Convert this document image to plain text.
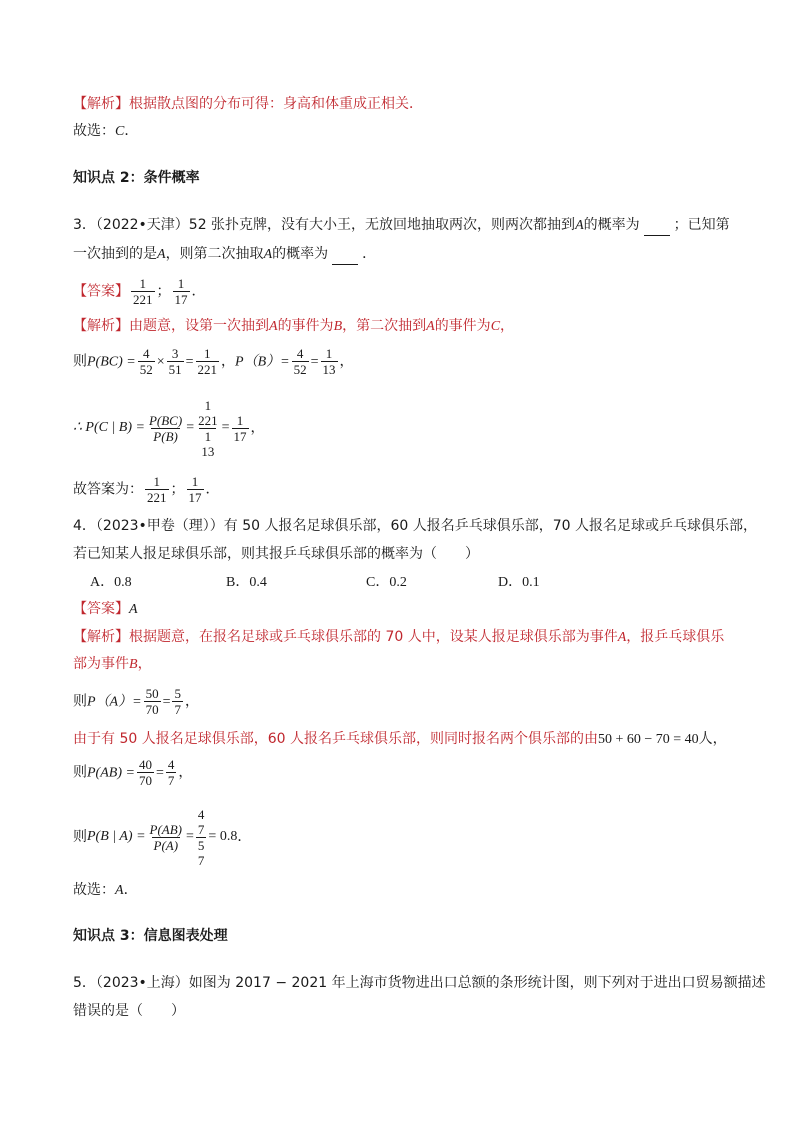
【解析】根据散点图的分布可得：身高和体重成正相关．
故选：C．
知识点 2：条件概率
3．（2022•天津）52 张扑克牌，没有大小王，无放回地抽取两次，则两次都抽到A的概率为 ；已知第
一次抽到的是A，则第二次抽取A的概率为 ．
【答案】 $\frac{1}{221}$ ； $\frac{1}{17}$ ．
【解析】由题意，设第一次抽到A的事件为B，第二次抽到A的事件为C，
则$P(BC) = \frac{4}{52} \times \frac{3}{51} = \frac{1}{221}$ ，$P(B)= \frac{4}{52} = \frac{1}{13}$ ，
∴ P(C | $B) = \frac{P(BC)}{P(B)} = 1$
221
1
$13 = \frac{1}{17}$ ，
故答案为： $\frac{1}{221}$ ； $\frac{1}{17}$ ．
4．（2023•甲卷（理））有 50 人报名足球俱乐部，60 人报名乒乓球俱乐部，70 人报名足球或乒乓球俱乐部，
若已知某人报足球俱乐部，则其报乒乓球俱乐部的概率为（　　）
A．0.8	B．0.4	C．0.2	D．0.1
【答案】A
【解析】根据题意，在报名足球或乒乓球俱乐部的 70 人中，设某人报足球俱乐部为事件A，报乒乓球俱乐
部为事件B，
则$P(A)= \frac{50}{70} = \frac{5}{7}$ ，
由于有 50 人报名足球俱乐部，60 人报名乒乓球俱乐部，则同时报名两个俱乐部的由50 + 60 − 70 = 40人，
则$P(AB) = \frac{40}{70} = \frac{4}{7}$ ，
则 P(B | $A) = \frac{P(AB)}{P(A)} = 4$
7
5
7 = 0.8 ．
故选：A．
知识点 3：信息图表处理
5．（2023•上海）如图为 2017 − 2021 年上海市货物进出口总额的条形统计图，则下列对于进出口贸易额描述
错误的是（　　）
